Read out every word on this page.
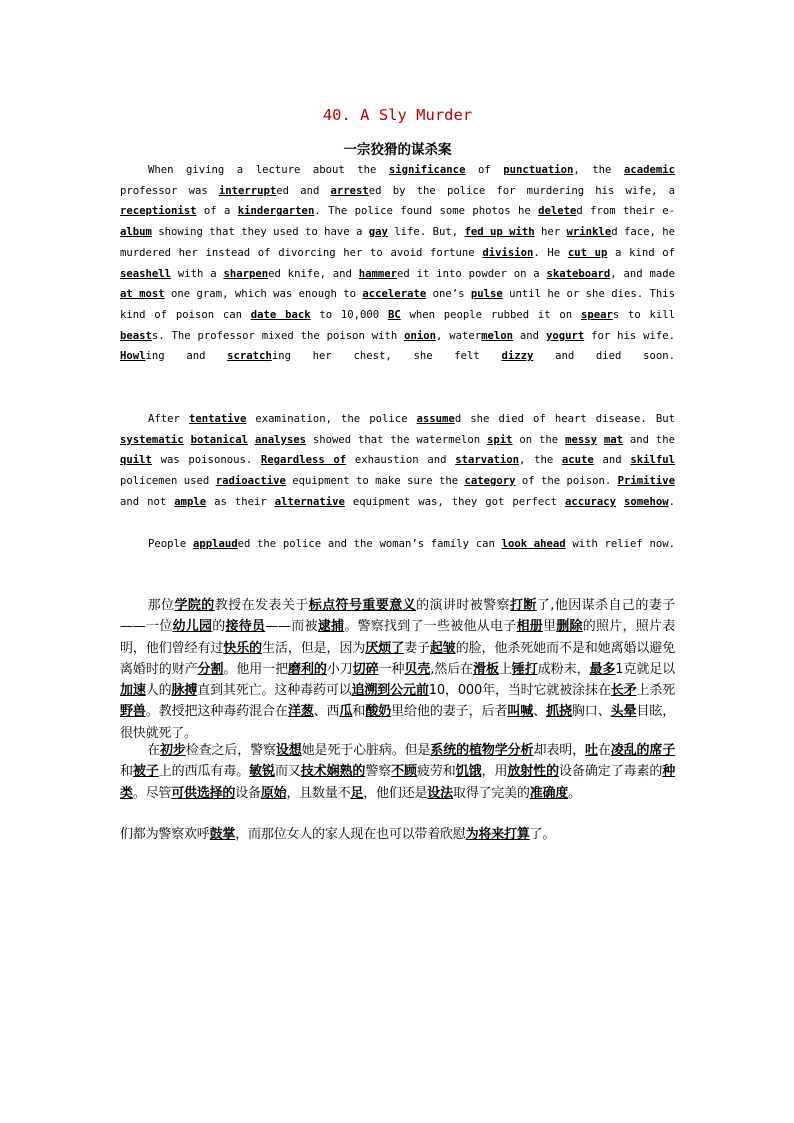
40. A Sly Murder
一宗狡猾的谋杀案

When giving a lecture about the significance of punctuation, the academic professor was interrupted and arrested by the police for murdering his wife, a receptionist of a kindergarten. The police found some photos he deleted from their e-album showing that they used to have a gay life. But, fed up with her wrinkled face, he murdered her instead of divorcing her to avoid fortune division. He cut up a kind of seashell with a sharpened knife, and hammered it into powder on a skateboard, and made at most one gram, which was enough to accelerate one’s pulse until he or she dies. This kind of poison can date back to 10,000 BC when people rubbed it on spears to kill beasts. The professor mixed the poison with onion, watermelon and yogurt for his wife. Howling and scratching her chest, she felt dizzy and died soon.

After tentative examination, the police assumed she died of heart disease. But systematic botanical analyses showed that the watermelon spit on the messy mat and the quilt was poisonous. Regardless of exhaustion and starvation, the acute and skilful policemen used radioactive equipment to make sure the category of the poison. Primitive and not ample as their alternative equipment was, they got perfect accuracy somehow.

People applauded the police and the woman’s family can look ahead with relief now.

那位学院的教授在发表关于标点符号重要意义的演讲时被警察打断了,他因谋杀自己的妻子——一位幼儿园的接待员——而被逮捕。警察找到了一些被他从电子相册里删除的照片，照片表明，他们曾经有过快乐的生活，但是，因为厌烦了妻子起皱的脸，他杀死她而不是和她离婚以避免离婚时的财产分割。他用一把磨利的小刀切碎一种贝壳,然后在滑板上锤打成粉末，最多1克就足以加速人的脉搏直到其死亡。这种毒药可以追溯到公元前10，000年，当时它就被涂抹在长矛上杀死野兽。教授把这种毒药混合在洋葱、西瓜和酸奶里给他的妻子，后者叫喊、抓挠胸口、头晕目眩，很快就死了。

在初步检查之后，警察设想她是死于心脏病。但是系统的植物学分析却表明，吐在凌乱的席子和被子上的西瓜有毒。敏锐而又技术娴熟的警察不顾疲劳和饥饿，用放射性的设备确定了毒素的种类。尽管可供选择的设备原始，且数量不足，他们还是设法取得了完美的准确度。

们都为警察欢呼鼓掌，而那位女人的家人现在也可以带着欣慰为将来打算了。
